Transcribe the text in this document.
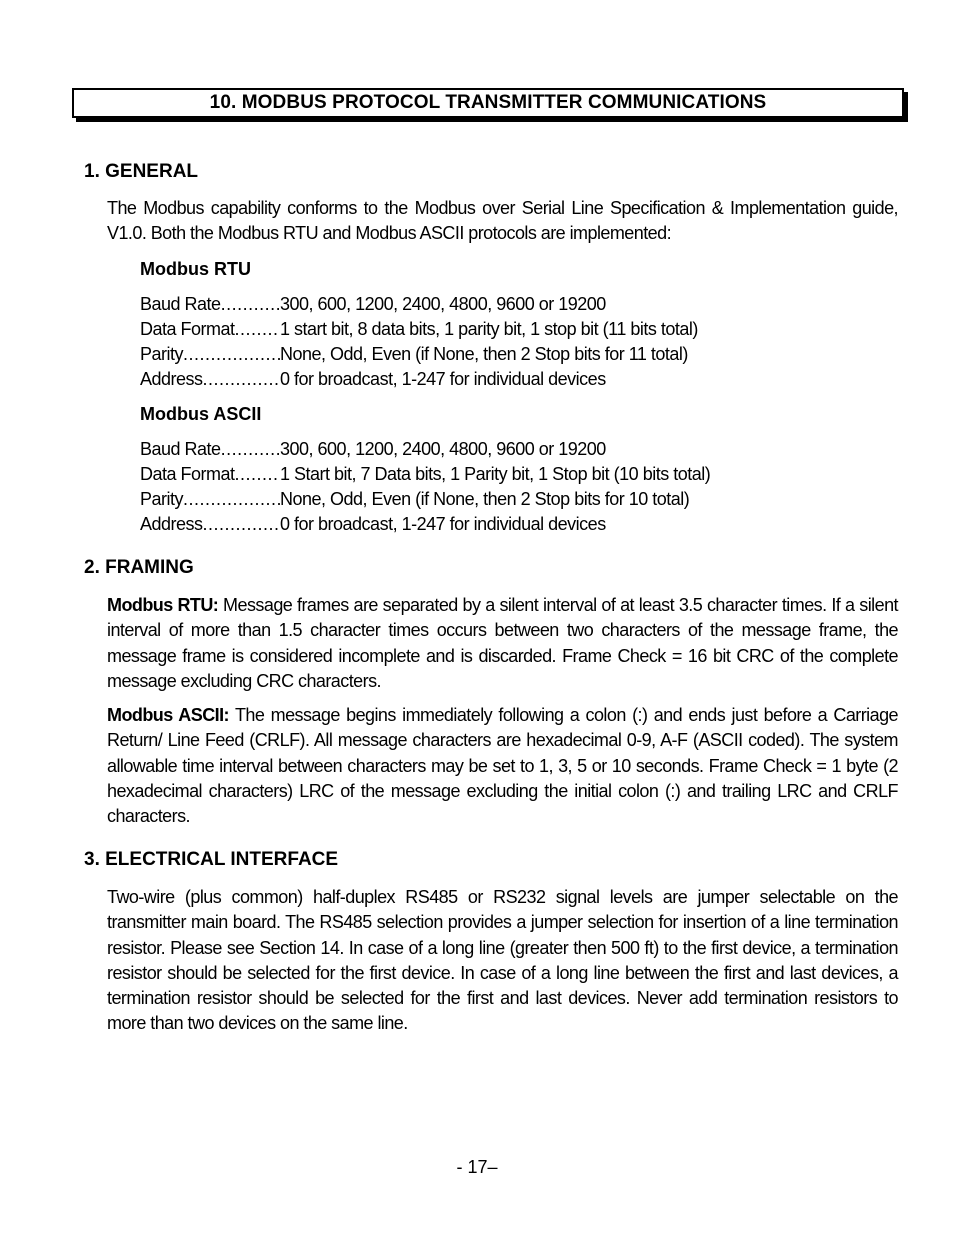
10. MODBUS PROTOCOL TRANSMITTER COMMUNICATIONS
1. GENERAL
The Modbus capability conforms to the Modbus over Serial Line Specification & Implementation guide, V1.0. Both the Modbus RTU and Modbus ASCII protocols are implemented:
Modbus RTU
Baud Rate .....	300, 600, 1200, 2400, 4800, 9600 or 19200
Data Format .....	1 start bit, 8 data bits, 1 parity bit, 1 stop bit (11 bits total)
Parity .....	None, Odd, Even (if None, then 2 Stop bits for 11 total)
Address .....	0 for broadcast, 1-247 for individual devices
Modbus ASCII
Baud Rate .....	300, 600, 1200, 2400, 4800, 9600 or 19200
Data Format .....	1 Start bit, 7 Data bits, 1 Parity bit, 1 Stop bit (10 bits total)
Parity .....	None, Odd, Even (if None, then 2 Stop bits for 10 total)
Address .....	0 for broadcast, 1-247 for individual devices
2. FRAMING
Modbus RTU: Message frames are separated by a silent interval of at least 3.5 character times. If a silent interval of more than 1.5 character times occurs between two characters of the message frame, the message frame is considered incomplete and is discarded. Frame Check = 16 bit CRC of the complete message excluding CRC characters.
Modbus ASCII: The message begins immediately following a colon (:) and ends just before a Carriage Return/ Line Feed (CRLF). All message characters are hexadecimal 0-9, A-F (ASCII coded). The system allowable time interval between characters may be set to 1, 3, 5 or 10 seconds. Frame Check = 1 byte (2 hexadecimal characters) LRC of the message excluding the initial colon (:) and trailing LRC and CRLF characters.
3. ELECTRICAL INTERFACE
Two-wire (plus common) half-duplex RS485 or RS232 signal levels are jumper selectable on the transmitter main board. The RS485 selection provides a jumper selection for insertion of a line termination resistor. Please see Section 14. In case of a long line (greater then 500 ft) to the first device, a termination resistor should be selected for the first device. In case of a long line between the first and last devices, a termination resistor should be selected for the first and last devices. Never add termination resistors to more than two devices on the same line.
- 17–
